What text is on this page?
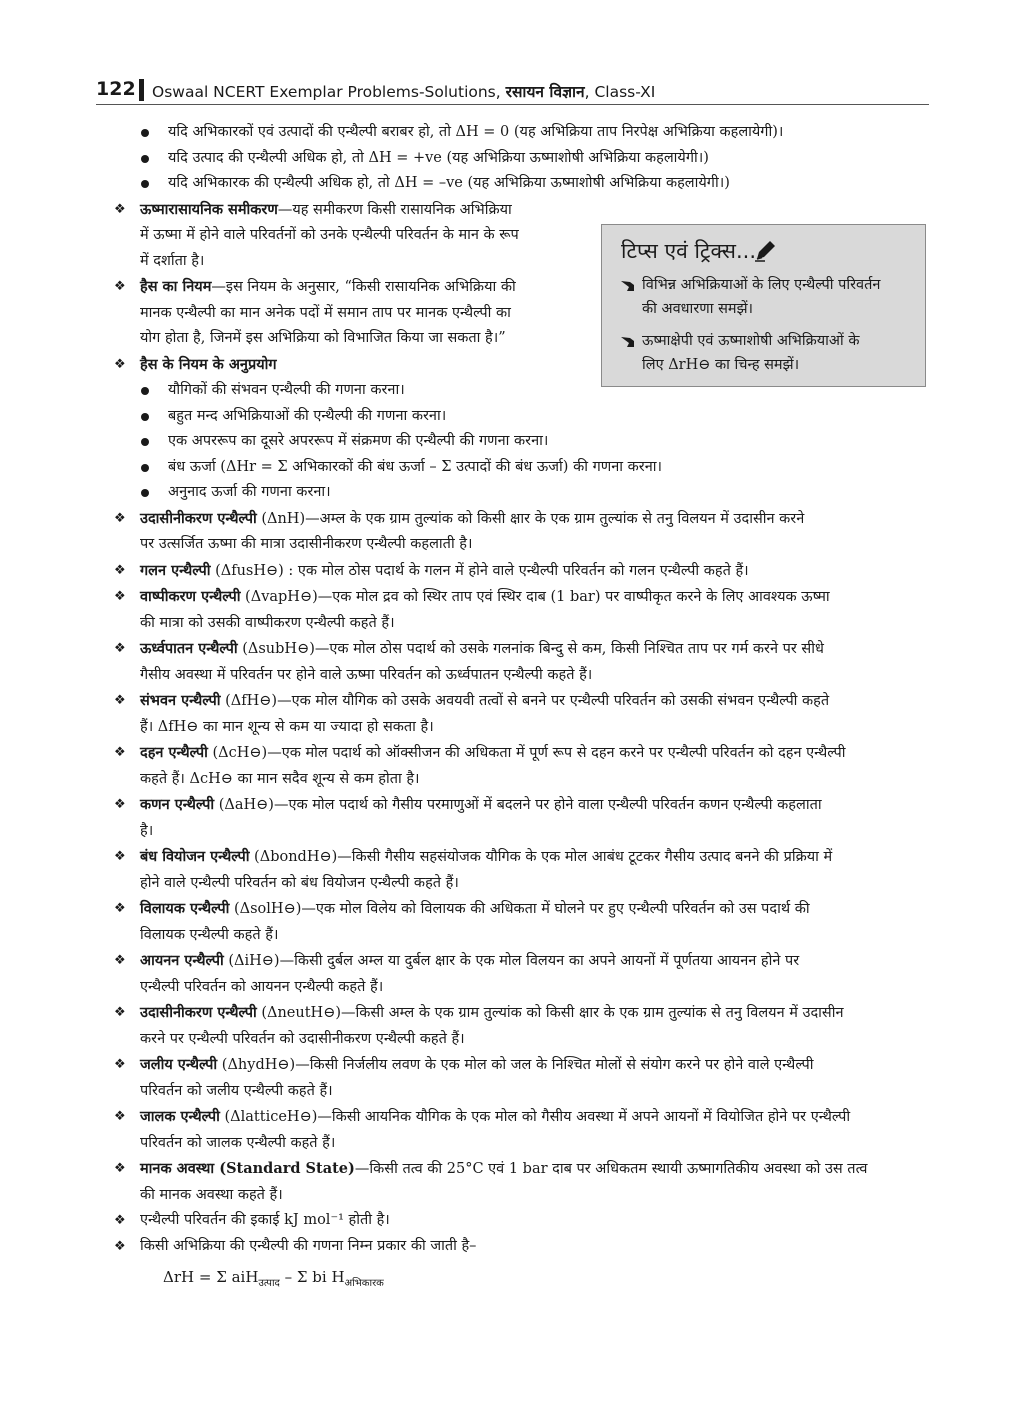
122 Oswaal NCERT Exemplar Problems-Solutions, रसायन विज्ञान, Class-XI
यदि अभिकारकों एवं उत्पादों की एन्थैल्पी बराबर हो, तो ΔH = 0 (यह अभिक्रिया ताप निरपेक्ष अभिक्रिया कहलायेगी)।
यदि उत्पाद की एन्थैल्पी अधिक हो, तो ΔH = +ve (यह अभिक्रिया ऊष्माशोषी अभिक्रिया कहलायेगी।)
यदि अभिकारक की एन्थैल्पी अधिक हो, तो ΔH = –ve (यह अभिक्रिया ऊष्माशोषी अभिक्रिया कहलायेगी।)
❖ ऊष्मारासायनिक समीकरण—यह समीकरण किसी रासायनिक अभिक्रिया
में ऊष्मा में होने वाले परिवर्तनों को उनके एन्थैल्पी परिवर्तन के मान के रूप
में दर्शाता है।
❖ हैस का नियम—इस नियम के अनुसार, “किसी रासायनिक अभिक्रिया की
मानक एन्थैल्पी का मान अनेक पदों में समान ताप पर मानक एन्थैल्पी का
योग होता है, जिनमें इस अभिक्रिया को विभाजित किया जा सकता है।”
❖ हैस के नियम के अनुप्रयोग
यौगिकों की संभवन एन्थैल्पी की गणना करना।
बहुत मन्द अभिक्रियाओं की एन्थैल्पी की गणना करना।
एक अपररूप का दूसरे अपररूप में संक्रमण की एन्थैल्पी की गणना करना।
बंध ऊर्जा (ΔHr = Σ अभिकारकों की बंध ऊर्जा – Σ उत्पादों की बंध ऊर्जा) की गणना करना।
अनुनाद ऊर्जा की गणना करना।
❖ उदासीनीकरण एन्थैल्पी (ΔnH)—अम्ल के एक ग्राम तुल्यांक को किसी क्षार के एक ग्राम तुल्यांक से तनु विलयन में उदासीन करने
पर उत्सर्जित ऊष्मा की मात्रा उदासीनीकरण एन्थैल्पी कहलाती है।
❖ गलन एन्थैल्पी (ΔfusH⊖) : एक मोल ठोस पदार्थ के गलन में होने वाले एन्थैल्पी परिवर्तन को गलन एन्थैल्पी कहते हैं।
❖ वाष्पीकरण एन्थैल्पी (ΔvapH⊖)—एक मोल द्रव को स्थिर ताप एवं स्थिर दाब (1 bar) पर वाष्पीकृत करने के लिए आवश्यक ऊष्मा
की मात्रा को उसकी वाष्पीकरण एन्थैल्पी कहते हैं।
❖ ऊर्ध्वपातन एन्थैल्पी (ΔsubH⊖)—एक मोल ठोस पदार्थ को उसके गलनांक बिन्दु से कम, किसी निश्चित ताप पर गर्म करने पर सीधे
गैसीय अवस्था में परिवर्तन पर होने वाले ऊष्मा परिवर्तन को ऊर्ध्वपातन एन्थैल्पी कहते हैं।
❖ संभवन एन्थैल्पी (ΔfH⊖)—एक मोल यौगिक को उसके अवयवी तत्वों से बनने पर एन्थैल्पी परिवर्तन को उसकी संभवन एन्थैल्पी कहते
हैं। ΔfH⊖ का मान शून्य से कम या ज्यादा हो सकता है।
❖ दहन एन्थैल्पी (ΔcH⊖)—एक मोल पदार्थ को ऑक्सीजन की अधिकता में पूर्ण रूप से दहन करने पर एन्थैल्पी परिवर्तन को दहन एन्थैल्पी
कहते हैं। ΔcH⊖ का मान सदैव शून्य से कम होता है।
❖ कणन एन्थैल्पी (ΔaH⊖)—एक मोल पदार्थ को गैसीय परमाणुओं में बदलने पर होने वाला एन्थैल्पी परिवर्तन कणन एन्थैल्पी कहलाता
है।
❖ बंध वियोजन एन्थैल्पी (ΔbondH⊖)—किसी गैसीय सहसंयोजक यौगिक के एक मोल आबंध टूटकर गैसीय उत्पाद बनने की प्रक्रिया में
होने वाले एन्थैल्पी परिवर्तन को बंध वियोजन एन्थैल्पी कहते हैं।
❖ विलायक एन्थैल्पी (ΔsolH⊖)—एक मोल विलेय को विलायक की अधिकता में घोलने पर हुए एन्थैल्पी परिवर्तन को उस पदार्थ की
विलायक एन्थैल्पी कहते हैं।
❖ आयनन एन्थैल्पी (ΔiH⊖)—किसी दुर्बल अम्ल या दुर्बल क्षार के एक मोल विलयन का अपने आयनों में पूर्णतया आयनन होने पर
एन्थैल्पी परिवर्तन को आयनन एन्थैल्पी कहते हैं।
❖ उदासीनीकरण एन्थैल्पी (ΔneutH⊖)—किसी अम्ल के एक ग्राम तुल्यांक को किसी क्षार के एक ग्राम तुल्यांक से तनु विलयन में उदासीन
करने पर एन्थैल्पी परिवर्तन को उदासीनीकरण एन्थैल्पी कहते हैं।
❖ जलीय एन्थैल्पी (ΔhydH⊖)—किसी निर्जलीय लवण के एक मोल को जल के निश्चित मोलों से संयोग करने पर होने वाले एन्थैल्पी
परिवर्तन को जलीय एन्थैल्पी कहते हैं।
❖ जालक एन्थैल्पी (ΔlatticeH⊖)—किसी आयनिक यौगिक के एक मोल को गैसीय अवस्था में अपने आयनों में वियोजित होने पर एन्थैल्पी
परिवर्तन को जालक एन्थैल्पी कहते हैं।
❖ मानक अवस्था (Standard State)—किसी तत्व की 25°C एवं 1 bar दाब पर अधिकतम स्थायी ऊष्मागतिकीय अवस्था को उस तत्व
की मानक अवस्था कहते हैं।
❖ एन्थैल्पी परिवर्तन की इकाई kJ mol⁻¹ होती है।
❖ किसी अभिक्रिया की एन्थैल्पी की गणना निम्न प्रकार की जाती है–
ΔrH = Σ aiH$_{उत्पाद}$ – Σ bi $H_{अभिकारक}$
टिप्स एवं ट्रिक्स...
विभिन्न अभिक्रियाओं के लिए एन्थैल्पी परिवर्तन
की अवधारणा समझें।
ऊष्माक्षेपी एवं ऊष्माशोषी अभिक्रियाओं के
लिए ΔrH⊖ का चिन्ह समझें।
